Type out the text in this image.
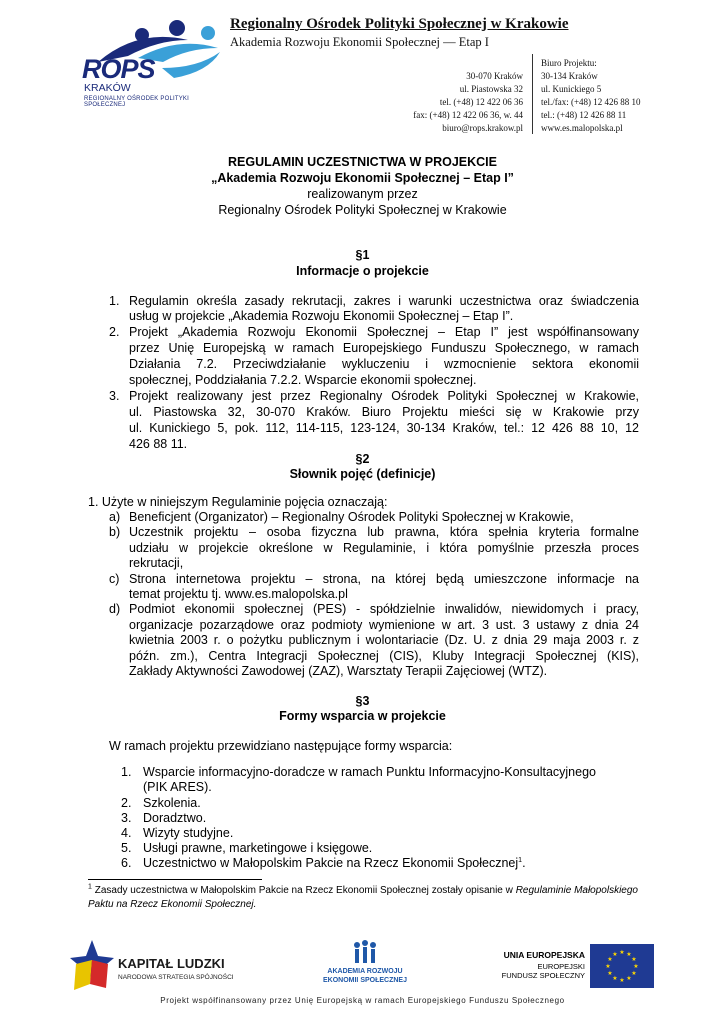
ROPS
KRAKÓW
REGIONALNY OŚRODEK POLITYKI SPOŁECZNEJ
Regionalny Ośrodek Polityki Społecznej w Krakowie
Akademia Rozwoju Ekonomii Społecznej — Etap I
30-070 Kraków
ul. Piastowska 32
tel. (+48) 12 422 06 36
fax: (+48) 12 422 06 36, w. 44
biuro@rops.krakow.pl
Biuro Projektu:
30-134 Kraków
ul. Kunickiego 5
tel./fax: (+48) 12 426 88 10
tel.: (+48) 12 426 88 11
www.es.malopolska.pl
REGULAMIN UCZESTNICTWA W PROJEKCIE
„Akademia Rozwoju Ekonomii Społecznej – Etap I”
realizowanym przez
Regionalny Ośrodek Polityki Społecznej w Krakowie
§1
Informacje o projekcie
1. Regulamin określa zasady rekrutacji, zakres i warunki uczestnictwa oraz świadczenia
usług w projekcie „Akademia Rozwoju Ekonomii Społecznej – Etap I”.
2. Projekt „Akademia Rozwoju Ekonomii Społecznej – Etap I” jest współfinansowany
przez Unię Europejską w ramach Europejskiego Funduszu Społecznego, w ramach
Działania 7.2. Przeciwdziałanie wykluczeniu i wzmocnienie sektora ekonomii
społecznej, Poddziałania 7.2.2. Wsparcie ekonomii społecznej.
3. Projekt realizowany jest przez Regionalny Ośrodek Polityki Społecznej w Krakowie,
ul. Piastowska 32, 30-070 Kraków. Biuro Projektu mieści się w Krakowie przy
ul. Kunickiego 5, pok. 112, 114-115, 123-124, 30-134 Kraków, tel.: 12 426 88 10, 12
426 88 11.
§2
Słownik pojęć (definicje)
1. Użyte w niniejszym Regulaminie pojęcia oznaczają:
a) Beneficjent (Organizator) – Regionalny Ośrodek Polityki Społecznej w Krakowie,
b) Uczestnik projektu – osoba fizyczna lub prawna, która spełnia kryteria formalne
udziału w projekcie określone w Regulaminie, i która pomyślnie przeszła proces
rekrutacji,
c) Strona internetowa projektu – strona, na której będą umieszczone informacje na
temat projektu tj. www.es.malopolska.pl
d) Podmiot ekonomii społecznej (PES) - spółdzielnie inwalidów, niewidomych i pracy,
organizacje pozarządowe oraz podmioty wymienione w art. 3 ust. 3 ustawy z dnia 24
kwietnia 2003 r. o pożytku publicznym i wolontariacie (Dz. U. z dnia 29 maja 2003 r. z
późn. zm.), Centra Integracji Społecznej (CIS), Kluby Integracji Społecznej (KIS),
Zakłady Aktywności Zawodowej (ZAZ), Warsztaty Terapii Zajęciowej (WTZ).
§3
Formy wsparcia w projekcie
W ramach projektu przewidziano następujące formy wsparcia:
1. Wsparcie informacyjno-doradcze w ramach Punktu Informacyjno-Konsultacyjnego
(PIK ARES).
2. Szkolenia.
3. Doradztwo.
4. Wizyty studyjne.
5. Usługi prawne, marketingowe i księgowe.
6. Uczestnictwo w Małopolskim Pakcie na Rzecz Ekonomii Społecznej$^1$.
$^1$ Zasady uczestnictwa w Małopolskim Pakcie na Rzecz Ekonomii Społecznej zostały opisanie w Regulaminie Małopolskiego Paktu na Rzecz Ekonomii Społecznej.
KAPITAŁ LUDZKI
NARODOWA STRATEGIA SPÓJNOŚCI
AKADEMIA ROZWOJU
EKONOMII SPOŁECZNEJ
UNIA EUROPEJSKA
EUROPEJSKI
FUNDUSZ SPOŁECZNY
★ ★
★
★
★
★
★
★
★
★
★
★
Projekt współfinansowany przez Unię Europejską w ramach Europejskiego Funduszu Społecznego
